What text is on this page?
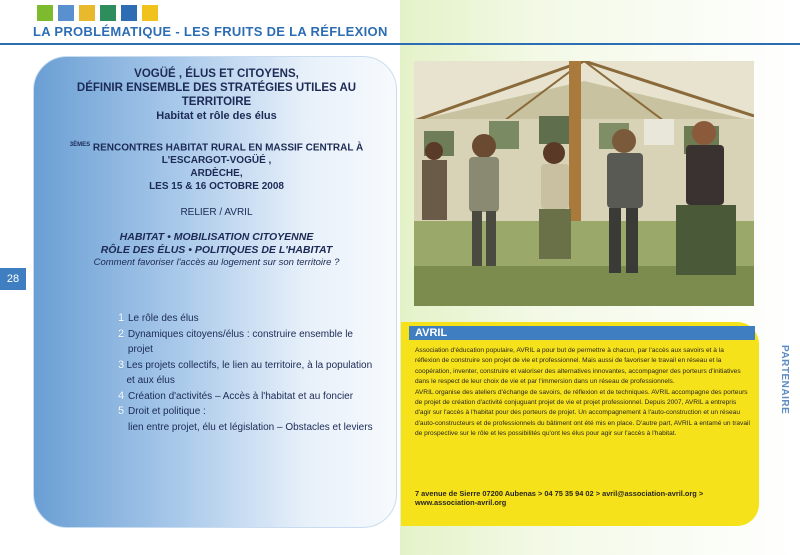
LA PROBLÉMATIQUE - LES FRUITS DE LA RÉFLEXION
28
VOGÜÉ , ÉLUS ET CITOYENS,
DÉFINIR ENSEMBLE DES STRATÉGIES UTILES AU TERRITOIRE
Habitat et rôle des élus
$^{3ÈMES}$ RENCONTRES HABITAT RURAL EN MASSIF CENTRAL À L'ESCARGOT-VOGÜÉ ,
ARDÈCHE,
LES 15 & 16 OCTOBRE 2008
RELIER / AVRIL
HABITAT • MOBILISATION CITOYENNE
RÔLE DES ÉLUS • POLITIQUES DE L'HABITAT
Comment favoriser l'accès au logement sur son territoire ?
1 Le rôle des élus
2 Dynamiques citoyens/élus : construire ensemble le projet
3 Les projets collectifs, le lien au territoire, à la population et aux élus
4 Création d'activités – Accès à l'habitat et au foncier
5 Droit et politique :
lien entre projet, élu et législation – Obstacles et leviers
AVRIL
Association d'éducation populaire, AVRIL a pour but de permettre à chacun, par l'accès aux savoirs et à la réflexion de construire son projet de vie et professionnel. Mais aussi de favoriser le travail en réseau et la coopération, inventer, construire et valoriser des alternatives innovantes, accompagner des porteurs d'initiatives dans le respect de leur choix de vie et par l'immersion dans un réseau de professionnels.
AVRIL organise des ateliers d'échange de savoirs, de réflexion et de techniques. AVRIL accompagne des porteurs de projet de création d'activité conjuguant projet de vie et projet professionnel. Depuis 2007, AVRIL a entrepris d'agir sur l'accès à l'habitat pour des porteurs de projet. Un accompagnement à l'auto-construction et un réseau d'auto-constructeurs et de professionnels du bâtiment ont été mis en place. D'autre part, AVRIL a entamé un travail de prospective sur le rôle et les possibilités qu'ont les élus pour agir sur l'accès à l'habitat.
7 avenue de Sierre 07200 Aubenas > 04 75 35 94 02 > avril@association-avril.org > www.association-avril.org
PARTENAIRE
